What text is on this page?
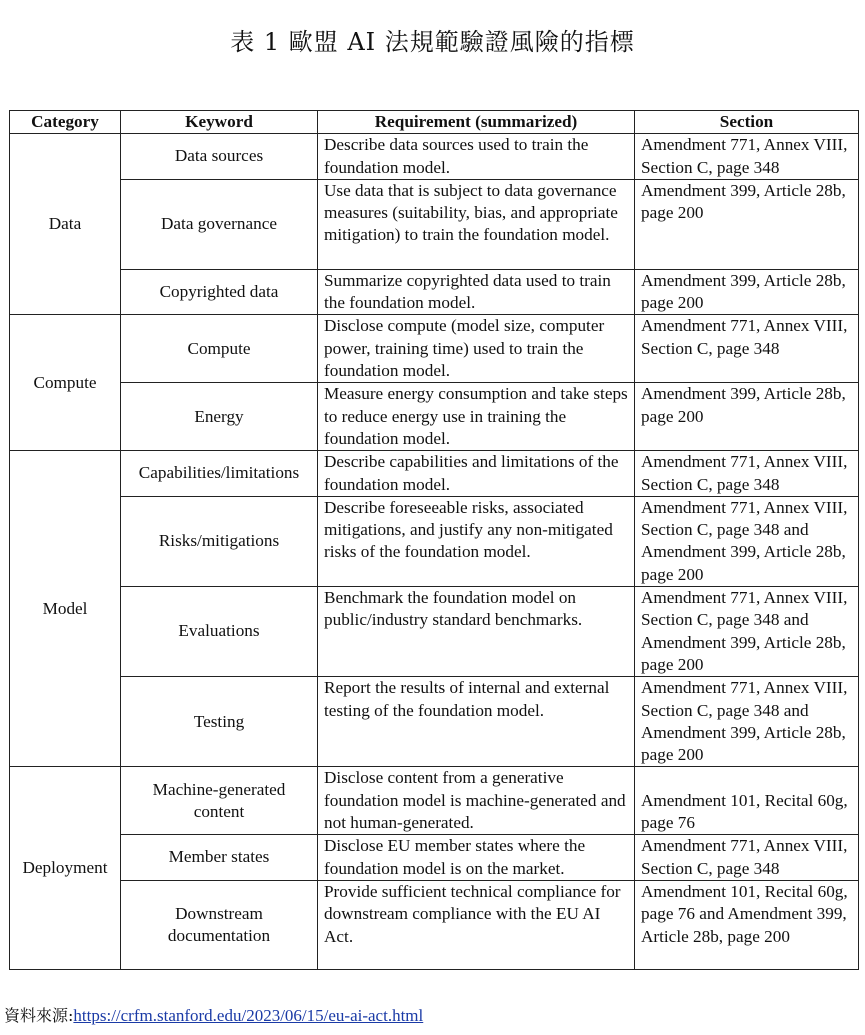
表 1 歐盟 AI 法規範驗證風險的指標
Category	Keyword	Requirement (summarized)	Section
Data	Data sources	Describe data sources used to train the foundation model.	Amendment 771, Annex VIII, Section C, page 348
	Data governance	Use data that is subject to data governance measures (suitability, bias, and appropriate mitigation) to train the foundation model.	Amendment 399, Article 28b, page 200
	Copyrighted data	Summarize copyrighted data used to train the foundation model.	Amendment 399, Article 28b, page 200
Compute	Compute	Disclose compute (model size, computer power, training time) used to train the foundation model.	Amendment 771, Annex VIII, Section C, page 348
	Energy	Measure energy consumption and take steps to reduce energy use in training the foundation model.	Amendment 399, Article 28b, page 200
Model	Capabilities/limitations	Describe capabilities and limitations of the foundation model.	Amendment 771, Annex VIII, Section C, page 348
	Risks/mitigations	Describe foreseeable risks, associated mitigations, and justify any non-mitigated risks of the foundation model.	Amendment 771, Annex VIII, Section C, page 348 and Amendment 399, Article 28b, page 200
	Evaluations	Benchmark the foundation model on public/industry standard benchmarks.	Amendment 771, Annex VIII, Section C, page 348 and Amendment 399, Article 28b, page 200
	Testing	Report the results of internal and external testing of the foundation model.	Amendment 771, Annex VIII, Section C, page 348 and Amendment 399, Article 28b, page 200
Deployment	Machine-generated content	Disclose content from a generative foundation model is machine-generated and not human-generated.	Amendment 101, Recital 60g, page 76
	Member states	Disclose EU member states where the foundation model is on the market.	Amendment 771, Annex VIII, Section C, page 348
	Downstream documentation	Provide sufficient technical compliance for downstream compliance with the EU AI Act.	Amendment 101, Recital 60g, page 76 and Amendment 399, Article 28b, page 200
資料來源:https://crfm.stanford.edu/2023/06/15/eu-ai-act.html
